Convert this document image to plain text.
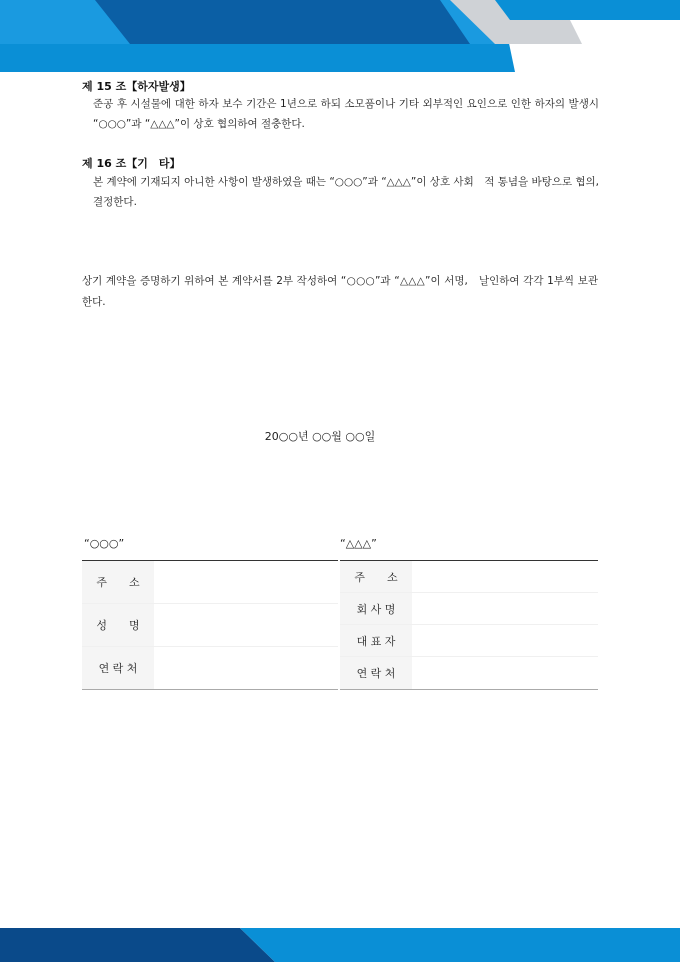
제 15 조【하자발생】
준공 후 시설물에 대한 하자 보수 기간은 1년으로 하되 소모품이나 기타 외부적인 요인으로 인한 하자의 발생시 “○○○”과 “△△△”이 상호 협의하여 절충한다.
제 16 조【기　타】
본 계약에 기재되지 아니한 사항이 발생하였을 때는 “○○○”과 “△△△”이 상호 사회　적 통념을 바탕으로 협의, 결정한다.
상기 계약을 증명하기 위하여 본 계약서를 2부 작성하여 “○○○”과 “△△△”이 서명,　날인하여 각각 1부씩 보관한다.
20○○년 ○○월 ○○일
“○○○”	“△△△”
주　　소
성　　명
연 락 처
주　　소
회 사 명
대 표 자
연 락 처
